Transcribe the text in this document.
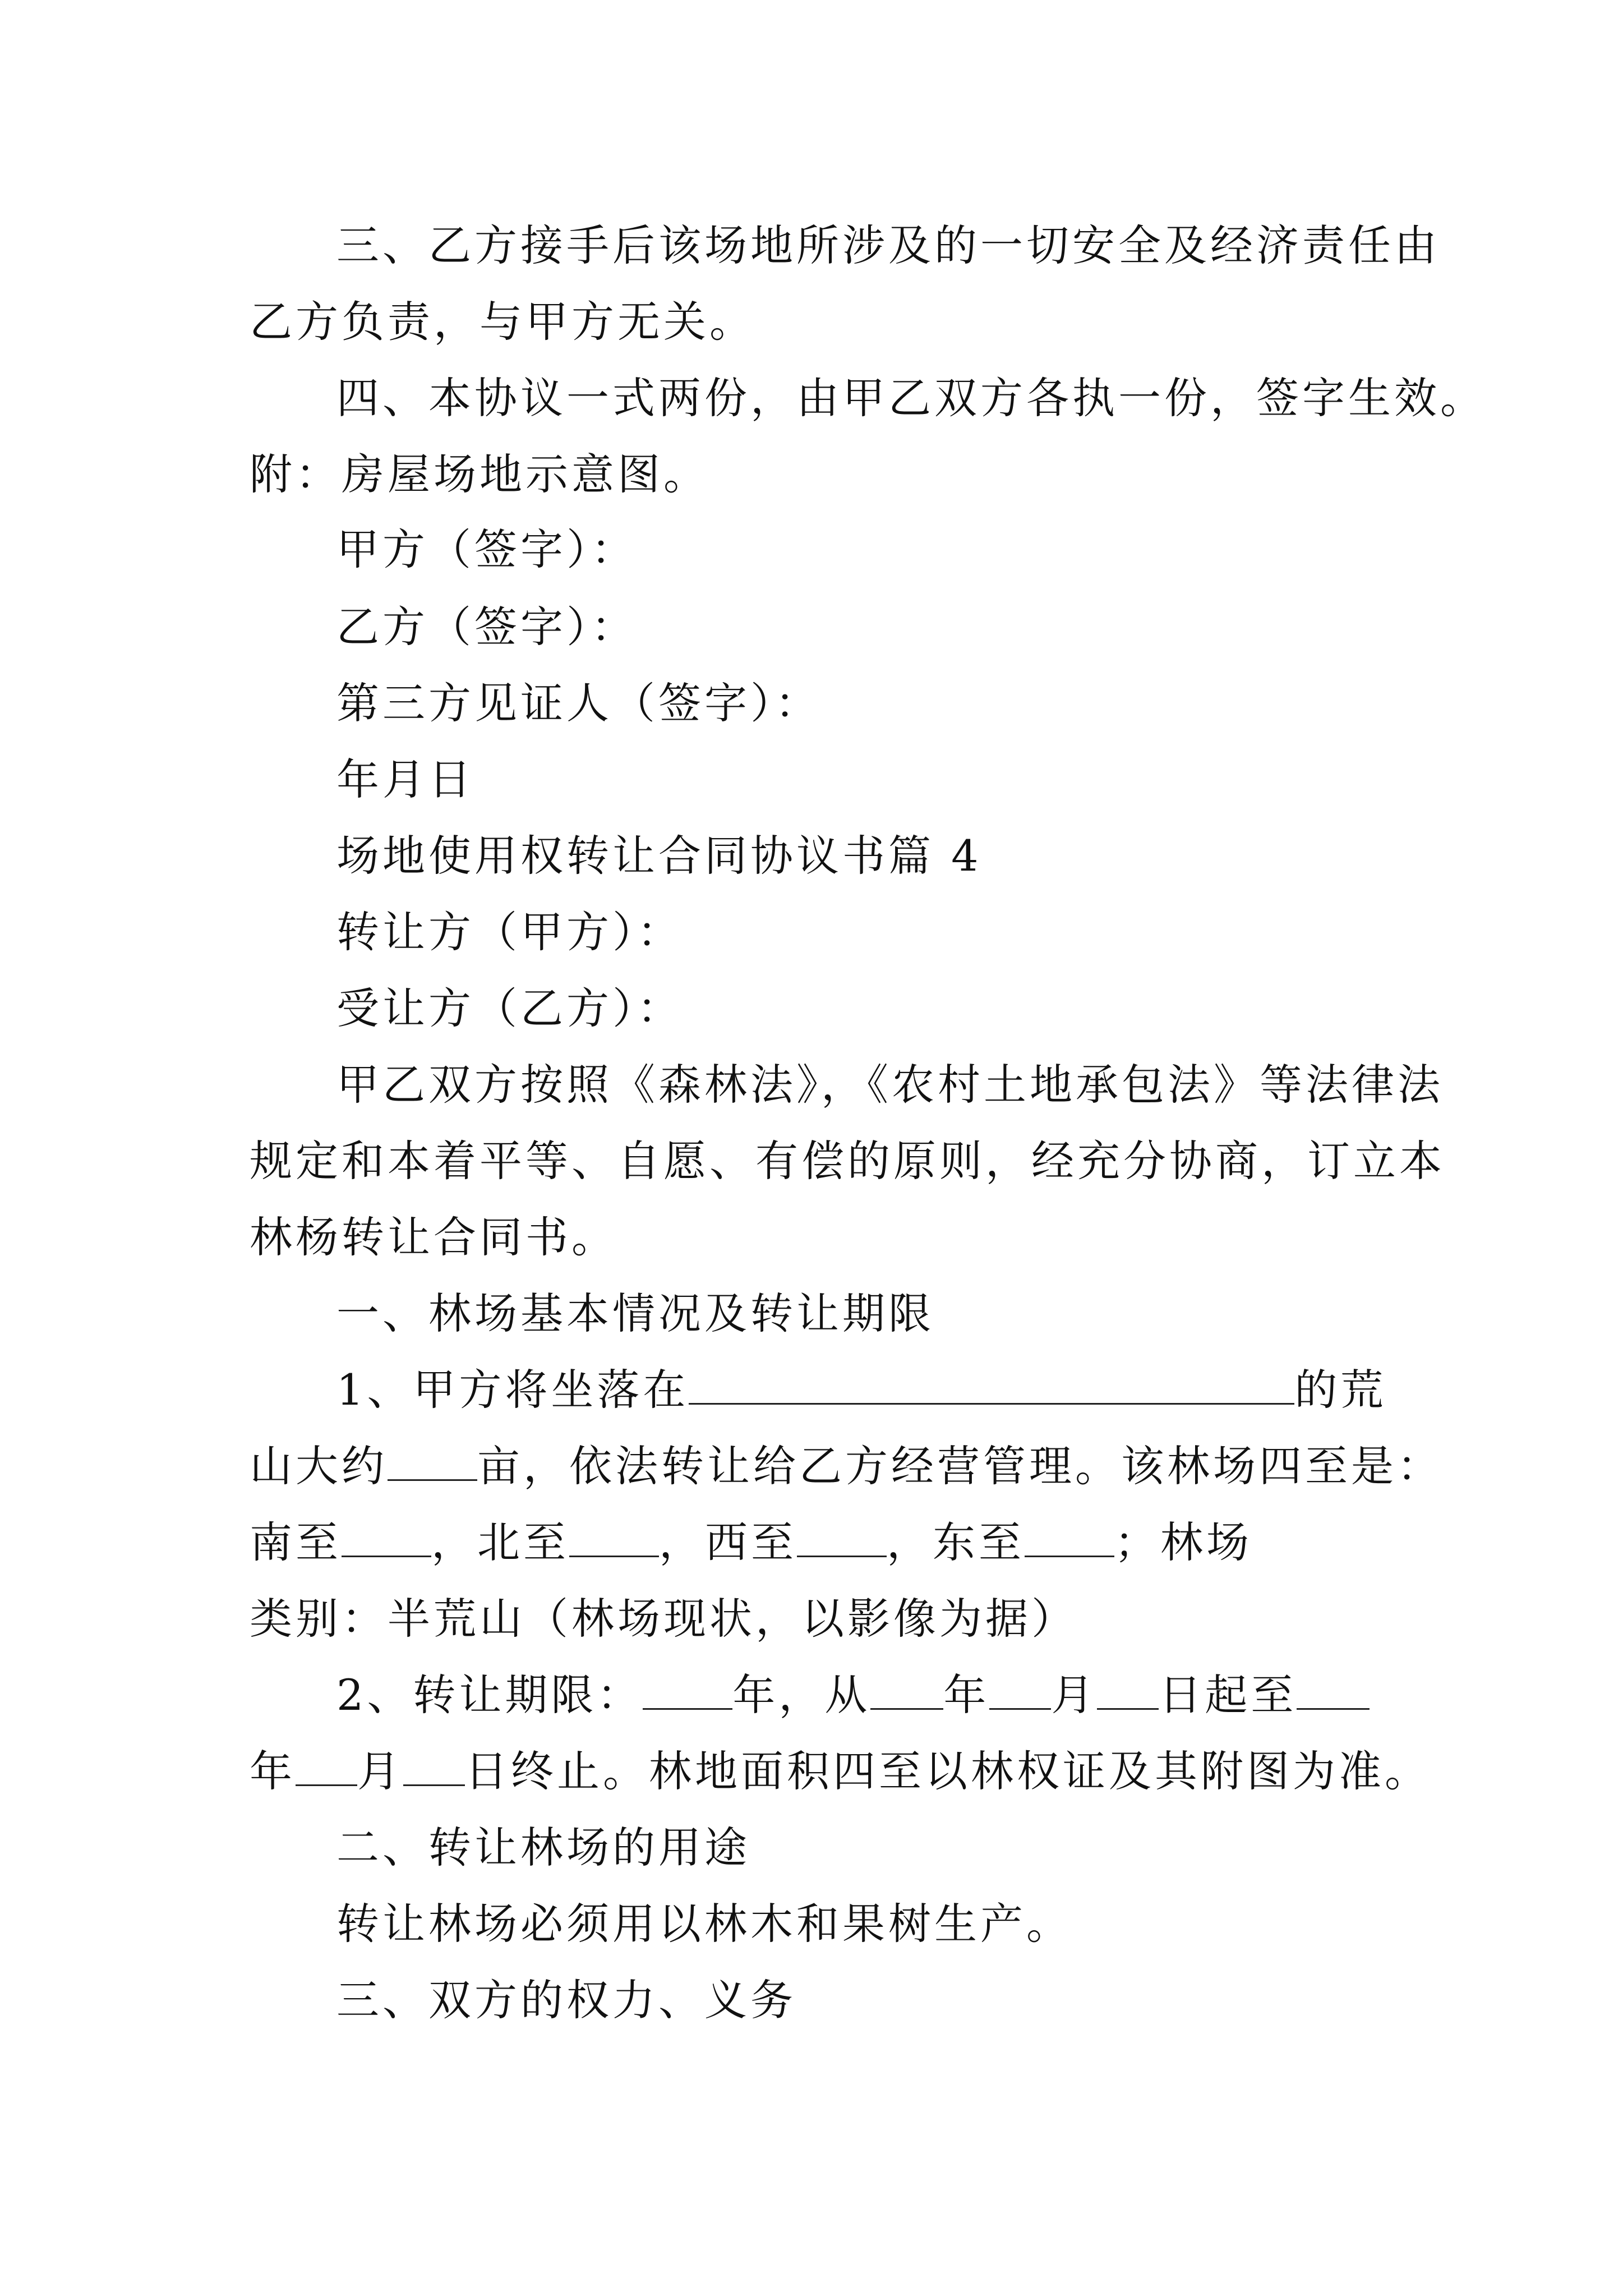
三、乙方接手后该场地所涉及的一切安全及经济责任由
乙方负责，与甲方无关。
四、本协议一式两份，由甲乙双方各执一份，签字生效。
附：房屋场地示意图。
甲方（签字）：
乙方（签字）：
第三方见证人（签字）：
年月日
场地使用权转让合同协议书篇 4
转让方（甲方）：
受让方（乙方）：
甲乙双方按照《森林法》，《农村土地承包法》等法律法
规定和本着平等、自愿、有偿的原则，经充分协商，订立本
林杨转让合同书。
一、林场基本情况及转让期限
1、甲方将坐落在	的荒
山大约 亩，依法转让给乙方经营管理。该林场四至是：
南至 ，北至 ，西至 ，东至 ；林场
类别：半荒山（林场现状，以影像为据）
2、转让期限： 年，从 年 月 日起至
年 月 日终止。林地面积四至以林权证及其附图为准。
二、转让林场的用途
转让林场必须用以林木和果树生产。
三、双方的权力、义务
